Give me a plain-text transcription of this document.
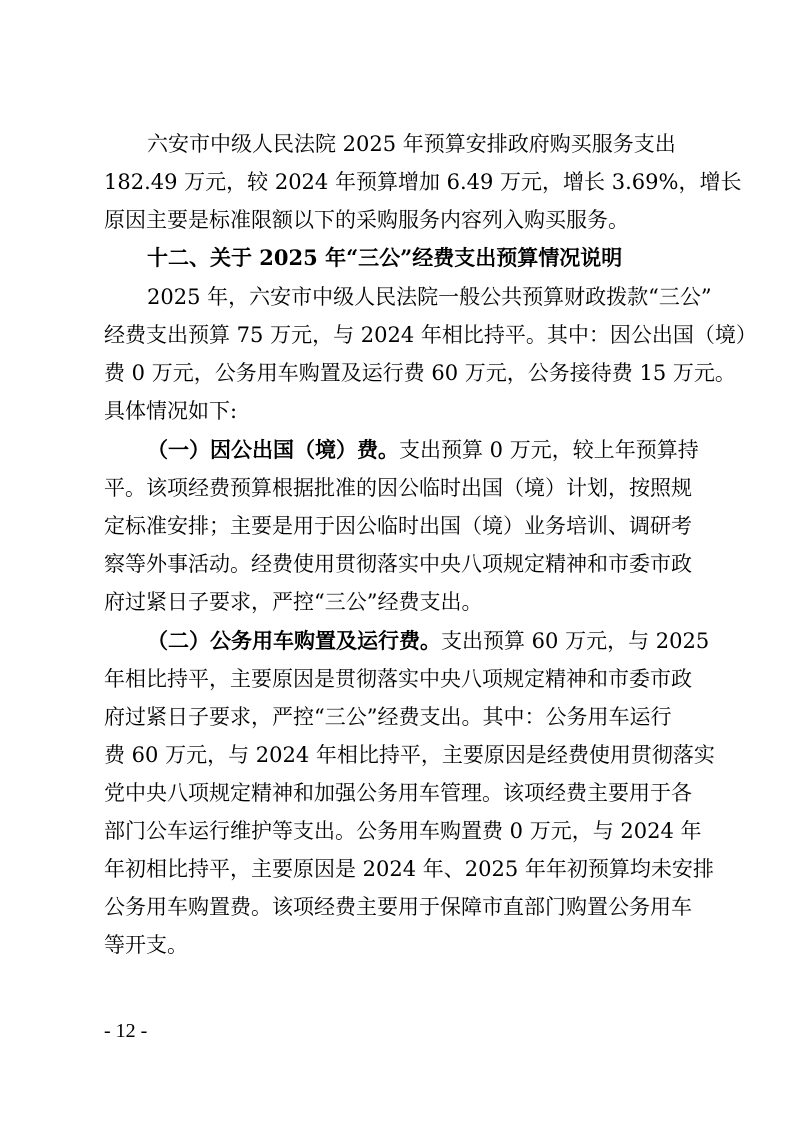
六安市中级人民法院 2025 年预算安排政府购买服务支出
182.49 万元，较 2024 年预算增加 6.49 万元，增长 3.69%，增长
原因主要是标准限额以下的采购服务内容列入购买服务。
十二、关于 2025 年“三公”经费支出预算情况说明
2025 年，六安市中级人民法院一般公共预算财政拨款“三公”
经费支出预算 75 万元，与 2024 年相比持平。其中：因公出国（境）
费 0 万元，公务用车购置及运行费 60 万元，公务接待费 15 万元。
具体情况如下:
（一）因公出国（境）费。支出预算 0 万元，较上年预算持
平。该项经费预算根据批准的因公临时出国（境）计划，按照规
定标准安排；主要是用于因公临时出国（境）业务培训、调研考
察等外事活动。经费使用贯彻落实中央八项规定精神和市委市政
府过紧日子要求，严控“三公”经费支出。
（二）公务用车购置及运行费。支出预算 60 万元，与 2025
年相比持平，主要原因是贯彻落实中央八项规定精神和市委市政
府过紧日子要求，严控“三公”经费支出。其中：公务用车运行
费 60 万元，与 2024 年相比持平，主要原因是经费使用贯彻落实
党中央八项规定精神和加强公务用车管理。该项经费主要用于各
部门公车运行维护等支出。公务用车购置费 0 万元，与 2024 年
年初相比持平，主要原因是 2024 年、2025 年年初预算均未安排
公务用车购置费。该项经费主要用于保障市直部门购置公务用车
等开支。
- 12 -
